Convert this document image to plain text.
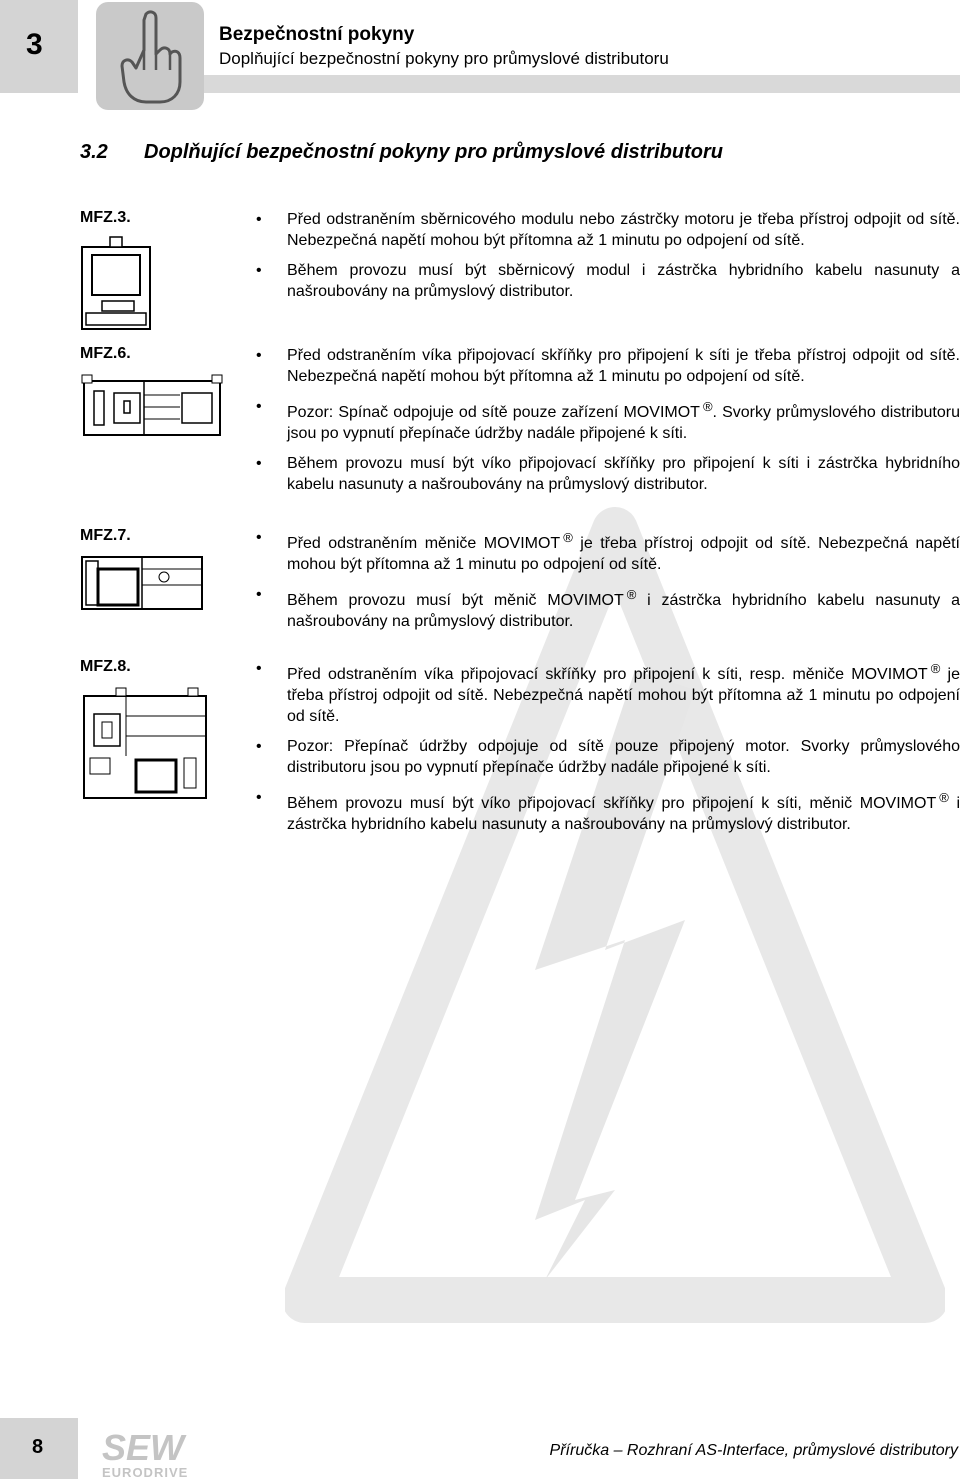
3	Bezpečnostní pokyny
Doplňující bezpečnostní pokyny pro průmyslové distributoru
3.2 Doplňující bezpečnostní pokyny pro průmyslové distributoru
MFZ.3.	• Před odstraněním sběrnicového modulu nebo zástrčky motoru je třeba přístroj odpojit od sítě. Nebezpečná napětí mohou být přítomna až 1 minutu po odpojení od sítě.
• Během provozu musí být sběrnicový modul i zástrčka hybridního kabelu nasunuty a našroubovány na průmyslový distributor.
MFZ.6.	• Před odstraněním víka připojovací skříňky pro připojení k síti je třeba přístroj odpojit od sítě. Nebezpečná napětí mohou být přítomna až 1 minutu po odpojení od sítě.
• Pozor: Spínač odpojuje od sítě pouze zařízení MOVIMOT ®. Svorky průmyslového distributoru jsou po vypnutí přepínače údržby nadále připojené k síti.
• Během provozu musí být víko připojovací skříňky pro připojení k síti i zástrčka hybridního kabelu nasunuty a našroubovány na průmyslový distributor.
MFZ.7.	• Před odstraněním měniče MOVIMOT ® je třeba přístroj odpojit od sítě. Nebezpečná napětí mohou být přítomna až 1 minutu po odpojení od sítě.
• Během provozu musí být měnič MOVIMOT ® i zástrčka hybridního kabelu nasunuty a našroubovány na průmyslový distributor.
MFZ.8.	• Před odstraněním víka připojovací skříňky pro připojení k síti, resp. měniče MOVIMOT ® je třeba přístroj odpojit od sítě. Nebezpečná napětí mohou být přítomna až 1 minutu po odpojení od sítě.
• Pozor: Přepínač údržby odpojuje od sítě pouze připojený motor. Svorky průmyslového distributoru jsou po vypnutí přepínače údržby nadále připojené k síti.
• Během provozu musí být víko připojovací skříňky pro připojení k síti, měnič MOVIMOT ® i zástrčka hybridního kabelu nasunuty a našroubovány na průmyslový distributor.
8 SEW
EURODRIVE
Příručka – Rozhraní AS-Interface, průmyslové distributory
